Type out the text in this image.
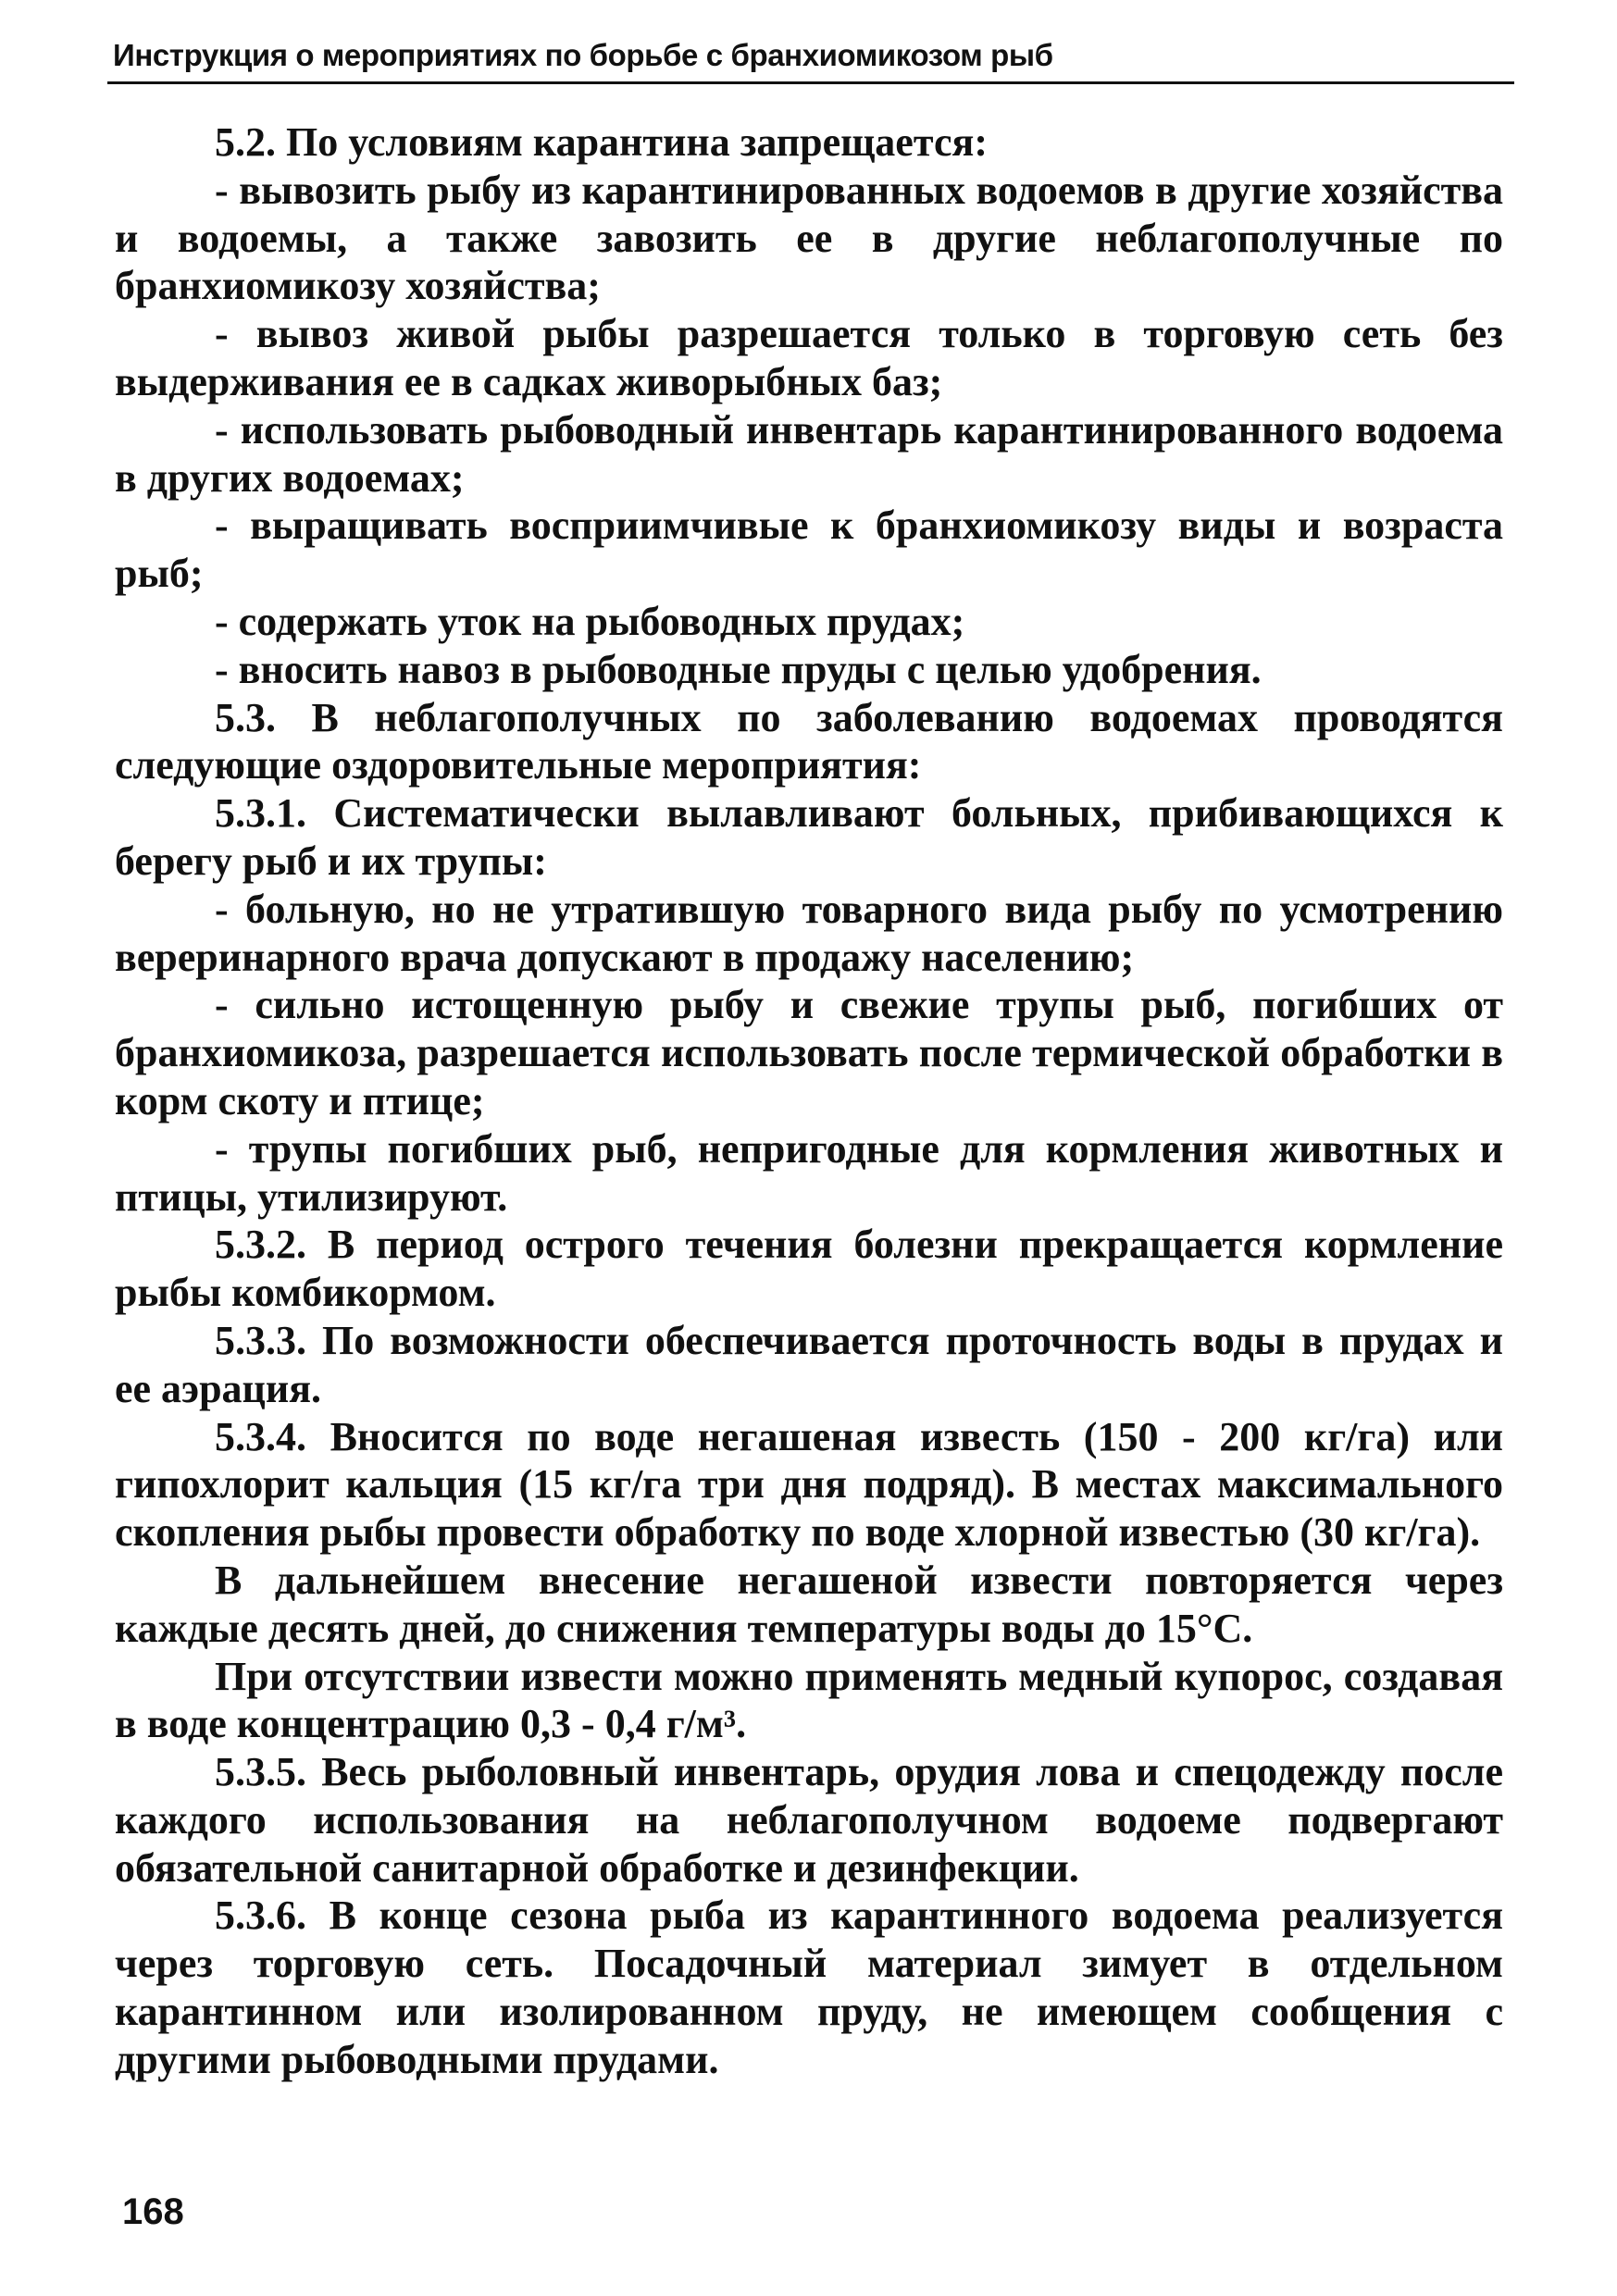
Инструкция о мероприятиях по борьбе с бранхиомикозом рыб

5.2. По условиям карантина запрещается:

- вывозить рыбу из карантинированных водоемов в другие хозяйства и водоемы, а также завозить ее в другие неблагополучные по бранхиомикозу хозяйства;

- вывоз живой рыбы разрешается только в торговую сеть без выдерживания ее в садках живорыбных баз;

- использовать рыбоводный инвентарь карантинированного водоема в других водоемах;

- выращивать восприимчивые к бранхиомикозу виды и возраста рыб;

- содержать уток на рыбоводных прудах;

- вносить навоз в рыбоводные пруды с целью удобрения.

5.3. В неблагополучных по заболеванию водоемах проводятся следующие оздоровительные мероприятия:

5.3.1. Систематически вылавливают больных, прибивающихся к берегу рыб и их трупы:

- больную, но не утратившую товарного вида рыбу по усмотрению вереринарного врача допускают в продажу населению;

- сильно истощенную рыбу и свежие трупы рыб, погибших от бранхиомикоза, разрешается использовать после термической обработки в корм скоту и птице;

- трупы погибших рыб, непригодные для кормления животных и птицы, утилизируют.

5.3.2. В период острого течения болезни прекращается кормление рыбы комбикормом.

5.3.3. По возможности обеспечивается проточность воды в прудах и ее аэрация.

5.3.4. Вносится по воде негашеная известь (150 - 200 кг/га) или гипохлорит кальция (15 кг/га три дня подряд). В местах максимального скопления рыбы провести обработку по воде хлорной известью (30 кг/га).

В дальнейшем внесение негашеной извести повторяется через каждые десять дней, до снижения температуры воды до 15°С.

При отсутствии извести можно применять медный купорос, создавая в воде концентрацию 0,3 - 0,4 г/м³.

5.3.5. Весь рыболовный инвентарь, орудия лова и спецодежду после каждого использования на неблагополучном водоеме подвергают обязательной санитарной обработке и дезинфекции.

5.3.6. В конце сезона рыба из карантинного водоема реализуется через торговую сеть. Посадочный материал зимует в отдельном карантинном или изолированном пруду, не имеющем сообщения с другими рыбоводными прудами.

168
